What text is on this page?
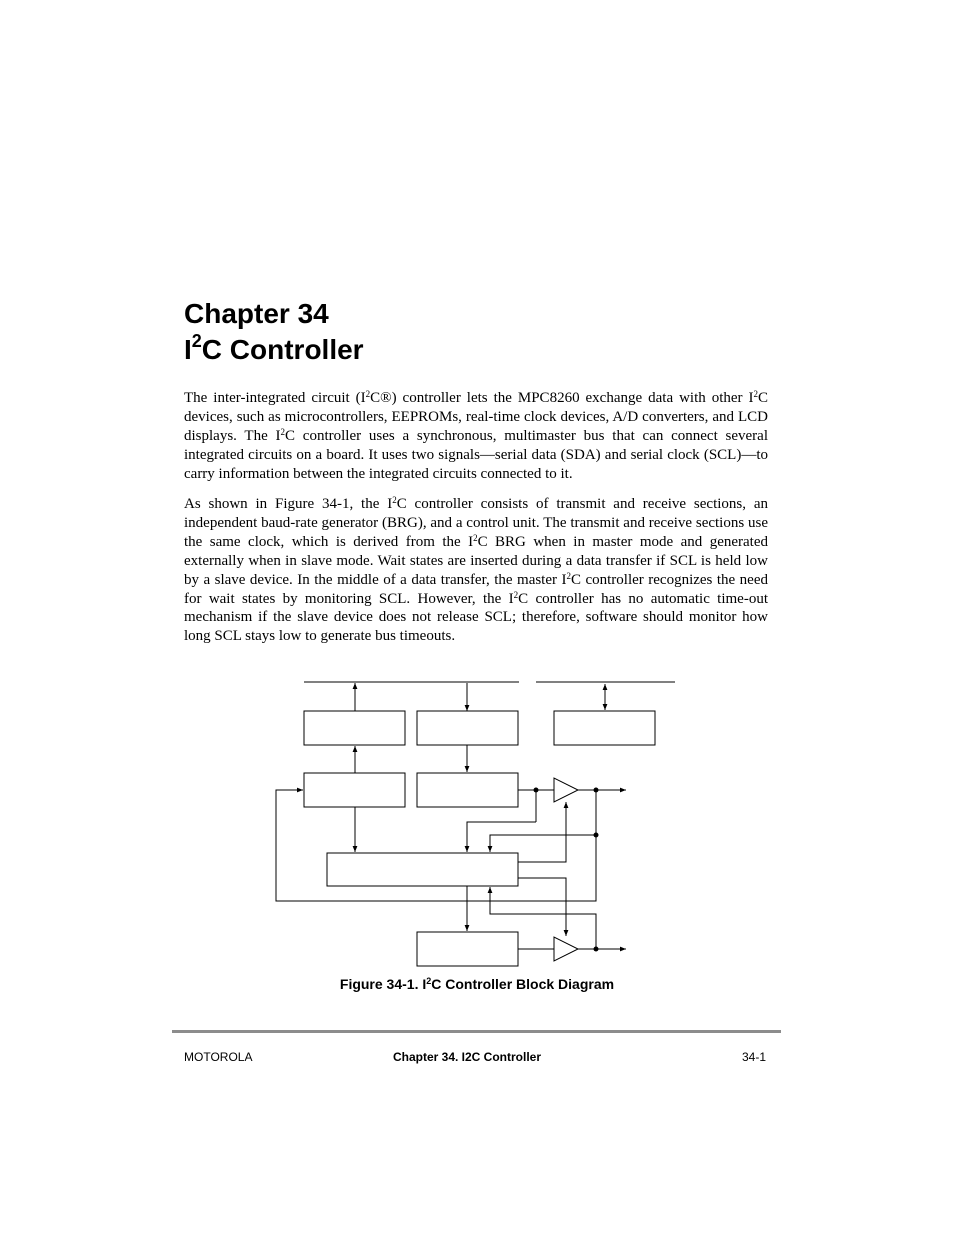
Chapter 34
$I^2C$ Controller

The inter-integrated circuit $(I^2C®)$ controller lets the MPC8260 exchange data with other $I^2C$ devices, such as microcontrollers, EEPROMs, real-time clock devices, A/D converters, and LCD displays. The $I^2C$ controller uses a synchronous, multimaster bus that can connect several integrated circuits on a board. It uses two signals—serial data (SDA) and serial clock (SCL)—to carry information between the integrated circuits connected to it.

As shown in Figure 34-1, the $I^2C$ controller consists of transmit and receive sections, an independent baud-rate generator (BRG), and a control unit. The transmit and receive sections use the same clock, which is derived from the $I^2C$ BRG when in master mode and generated externally when in slave mode. Wait states are inserted during a data transfer if SCL is held low by a slave device. In the middle of a data transfer, the master $I^2C$ controller recognizes the need for wait states by monitoring SCL. However, the $I^2C$ controller has no automatic time-out mechanism if the slave device does not release SCL; therefore, software should monitor how long SCL stays low to generate bus timeouts.

Figure 34-1. $I^2C$ Controller Block Diagram
MOTOROLA	Chapter 34. I2C Controller	34-1
